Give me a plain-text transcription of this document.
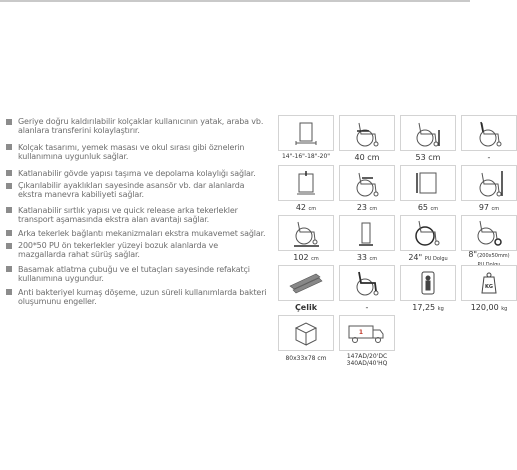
Geriye doğru kaldırılabilir kolçaklar kullanıcının yatak, araba vb. alanlara transferini kolaylaştırır.
Kolçak tasarımı, yemek masası ve okul sırası gibi öznelerin kullanımına uygunluk sağlar.
Katlanabilir gövde yapısı taşıma ve depolama kolaylığı sağlar.
Çıkarılabilir ayaklıkları sayesinde asansör vb. dar alanlarda ekstra manevra kabiliyeti sağlar.
Katlanabilir sırtlık yapısı ve quick release arka tekerlekler transport aşamasında ekstra alan avantajı sağlar.
Arka tekerlek bağlantı mekanizmaları ekstra mukavemet sağlar.
200*50 PU ön tekerlekler yüzeyi bozuk alanlarda ve mazgallarda rahat sürüş sağlar.
Basamak atlatma çubuğu ve el tutaçları sayesinde refakatçi kullanımına uygundur.
Anti bakteriyel kumaş döşeme, uzun süreli kullanımlarda bakteri oluşumunu engeller.
14"-16"-18"-20"	40 cm	53 cm	-
42 cm	23 cm	65 cm	97 cm
102 cm	33 cm	24" PU Dolgu	8"(200x50mm)

KG
Çelik	-	17,25 kg	120,00 kg
1
80x33x78 cm	147AD/20'DC
340AD/40'HQ
